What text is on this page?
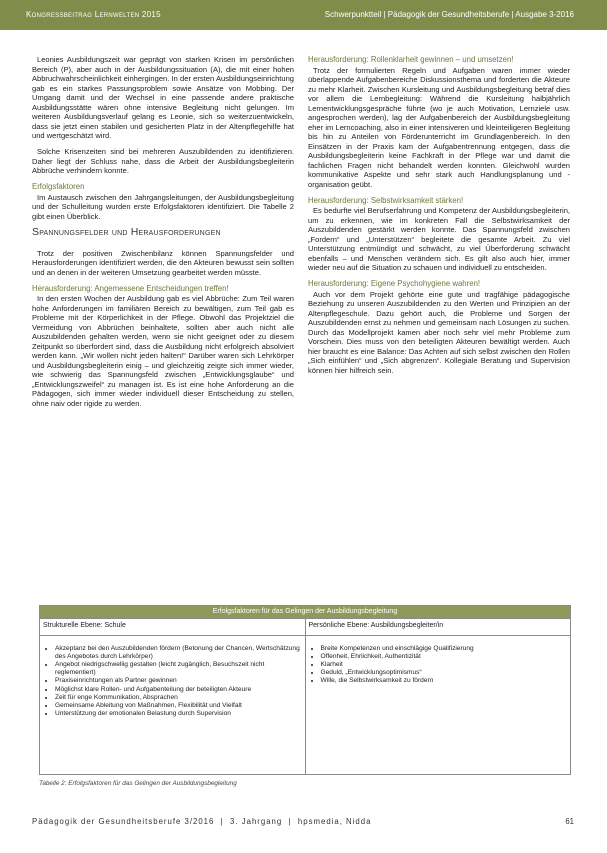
Kongressbeitrag Lernwelten 2015	Schwerpunktteil | Pädagogik der Gesundheitsberufe | Ausgabe 3-2016

Leonies Ausbildungszeit war geprägt von starken Krisen im persönlichen Bereich (P), aber auch in der Ausbildungssituation (A), die mit einer hohen Abbruchwahrscheinlichkeit einhergingen. In der ersten Ausbildungseinrichtung gab es ein starkes Passungsproblem sowie Ansätze von Mobbing. Der Umgang damit und der Wechsel in eine passende andere praktische Ausbildungsstätte wären ohne intensive Begleitung nicht gelungen. Im weiteren Ausbildungsverlauf gelang es Leonie, sich so weiterzuentwickeln, dass sie jetzt einen stabilen und gesicherten Platz in der Altenpflegehilfe hat und wertgeschätzt wird.

Solche Krisenzeiten sind bei mehreren Auszubildenden zu identifizieren. Daher liegt der Schluss nahe, dass die Arbeit der Ausbildungsbegleiterin Abbrüche verhindern konnte.

Erfolgsfaktoren

Im Austausch zwischen den Jahrgangsleitungen, der Ausbildungsbegleitung und der Schulleitung wurden erste Erfolgsfaktoren identifiziert. Die Tabelle 2 gibt einen Überblick.

Spannungsfelder und Herausforderungen

Trotz der positiven Zwischenbilanz können Spannungsfelder und Herausforderungen identifiziert werden, die den Akteuren bewusst sein sollten und an denen in der weiteren Umsetzung gearbeitet werden müsste.

Herausforderung: Angemessene Entscheidungen treffen!

In den ersten Wochen der Ausbildung gab es viel Abbrüche: Zum Teil waren hohe Anforderungen im familiären Bereich zu bewältigen, zum Teil gab es Probleme mit der Körperlichkeit in der Pflege. Obwohl das Projektziel die Vermeidung von Abbrüchen beinhaltete, sollten aber auch nicht alle Auszubildenden gehalten werden, wenn sie nicht geeignet oder zu diesem Zeitpunkt so überfordert sind, dass die Ausbildung nicht erfolgreich absolviert werden kann. „Wir wollen nicht jeden halten!“ Darüber waren sich Lehrkörper und Ausbildungsbegleiterin einig – und gleichzeitig zeigte sich immer wieder, wie schwierig das Spannungsfeld zwischen „Entwicklungsglaube“ und „Entwicklungszweifel“ zu managen ist. Es ist eine hohe Anforderung an die Pädagogen, sich immer wieder individuell dieser Entscheidung zu stellen, ohne naiv oder rigide zu werden.

Herausforderung: Rollenklarheit gewinnen – und umsetzen!

Trotz der formulierten Regeln und Aufgaben waren immer wieder überlappende Aufgabenbereiche Diskussionsthema und forderten die Akteure zu mehr Klarheit. Zwischen Kursleitung und Ausbildungsbegleitung betraf dies vor allem die Lernbegleitung: Während die Kursleitung halbjährlich Lernentwicklungsgespräche führte (wo je auch Motivation, Lernziele usw. angesprochen werden), lag der Aufgabenbereich der Ausbildungsbegleitung eher im Lerncoaching, also in einer intensiveren und kleinteiligeren Begleitung bis hin zu Anteilen von Förderunterricht im Grundlagenbereich. In den Einsätzen in der Praxis kam der Aufgabentrennung entgegen, dass die Ausbildungsbegleiterin keine Fachkraft in der Pflege war und damit die fachlichen Fragen nicht behandelt werden konnten. Gleichwohl wurden kommunikative Aspekte und sehr stark auch Handlungsplanung und -organisation geübt.

Herausforderung: Selbstwirksamkeit stärken!

Es bedurfte viel Berufserfahrung und Kompetenz der Ausbildungsbegleiterin, um zu erkennen, wie im konkreten Fall die Selbstwirksamkeit der Auszubildenden gestärkt werden konnte. Das Spannungsfeld zwischen „Fordern“ und „Unterstützen“ begleitete die gesamte Arbeit. Zu viel Unterstützung entmündigt und schwächt, zu viel Überforderung schwächt ebenfalls – und Menschen verändern sich. Es gilt also auch hier, immer wieder neu auf die Situation zu schauen und individuell zu entscheiden.

Herausforderung: Eigene Psychohygiene wahren!

Auch vor dem Projekt gehörte eine gute und tragfähige pädagogische Beziehung zu unseren Auszubildenden zu den Werten und Prinzipien an der Altenpflegeschule. Dazu gehört auch, die Probleme und Sorgen der Auszubildenden ernst zu nehmen und gemeinsam nach Lösungen zu suchen. Durch das Modellprojekt kamen aber noch sehr viel mehr Probleme zum Vorschein. Dies muss von den beteiligten Akteuren bewältigt werden. Auch hier braucht es eine Balance: Das Achten auf sich selbst zwischen den Rollen „Sich einfühlen“ und „Sich abgrenzen“. Kollegiale Beratung und Supervision können hier hilfreich sein.

Erfolgsfaktoren für das Gelingen der Ausbildungsbegleitung
Strukturelle Ebene: Schule
• Akzeptanz bei den Auszubildenden fördern (Betonung der Chancen, Wertschätzung des Angebotes durch Lehrkörper)
• Angebot niedrigschwellig gestalten (leicht zugänglich, Besuchszeit nicht reglementiert)
• Praxiseinrichtungen als Partner gewinnen
• Möglichst klare Rollen- und Aufgabenteilung der beteiligten Akteure
• Zeit für enge Kommunikation, Absprachen
• Gemeinsame Ableitung von Maßnahmen, Flexibilität und Vielfalt
• Unterstützung der emotionalen Belastung durch Supervision
Persönliche Ebene: Ausbildungsbegleiter/in
• Breite Kompetenzen und einschlägige Qualifizierung
• Offenheit, Ehrlichkeit, Authentizität
• Klarheit
• Geduld, „Entwicklungsoptimismus“
• Wille, die Selbstwirksamkeit zu fördern
Tabelle 2: Erfolgsfaktoren für das Gelingen der Ausbildungsbegleitung
Pädagogik der Gesundheitsberufe 3/2016  |  3. Jahrgang  |  hpsmedia, Nidda	61
